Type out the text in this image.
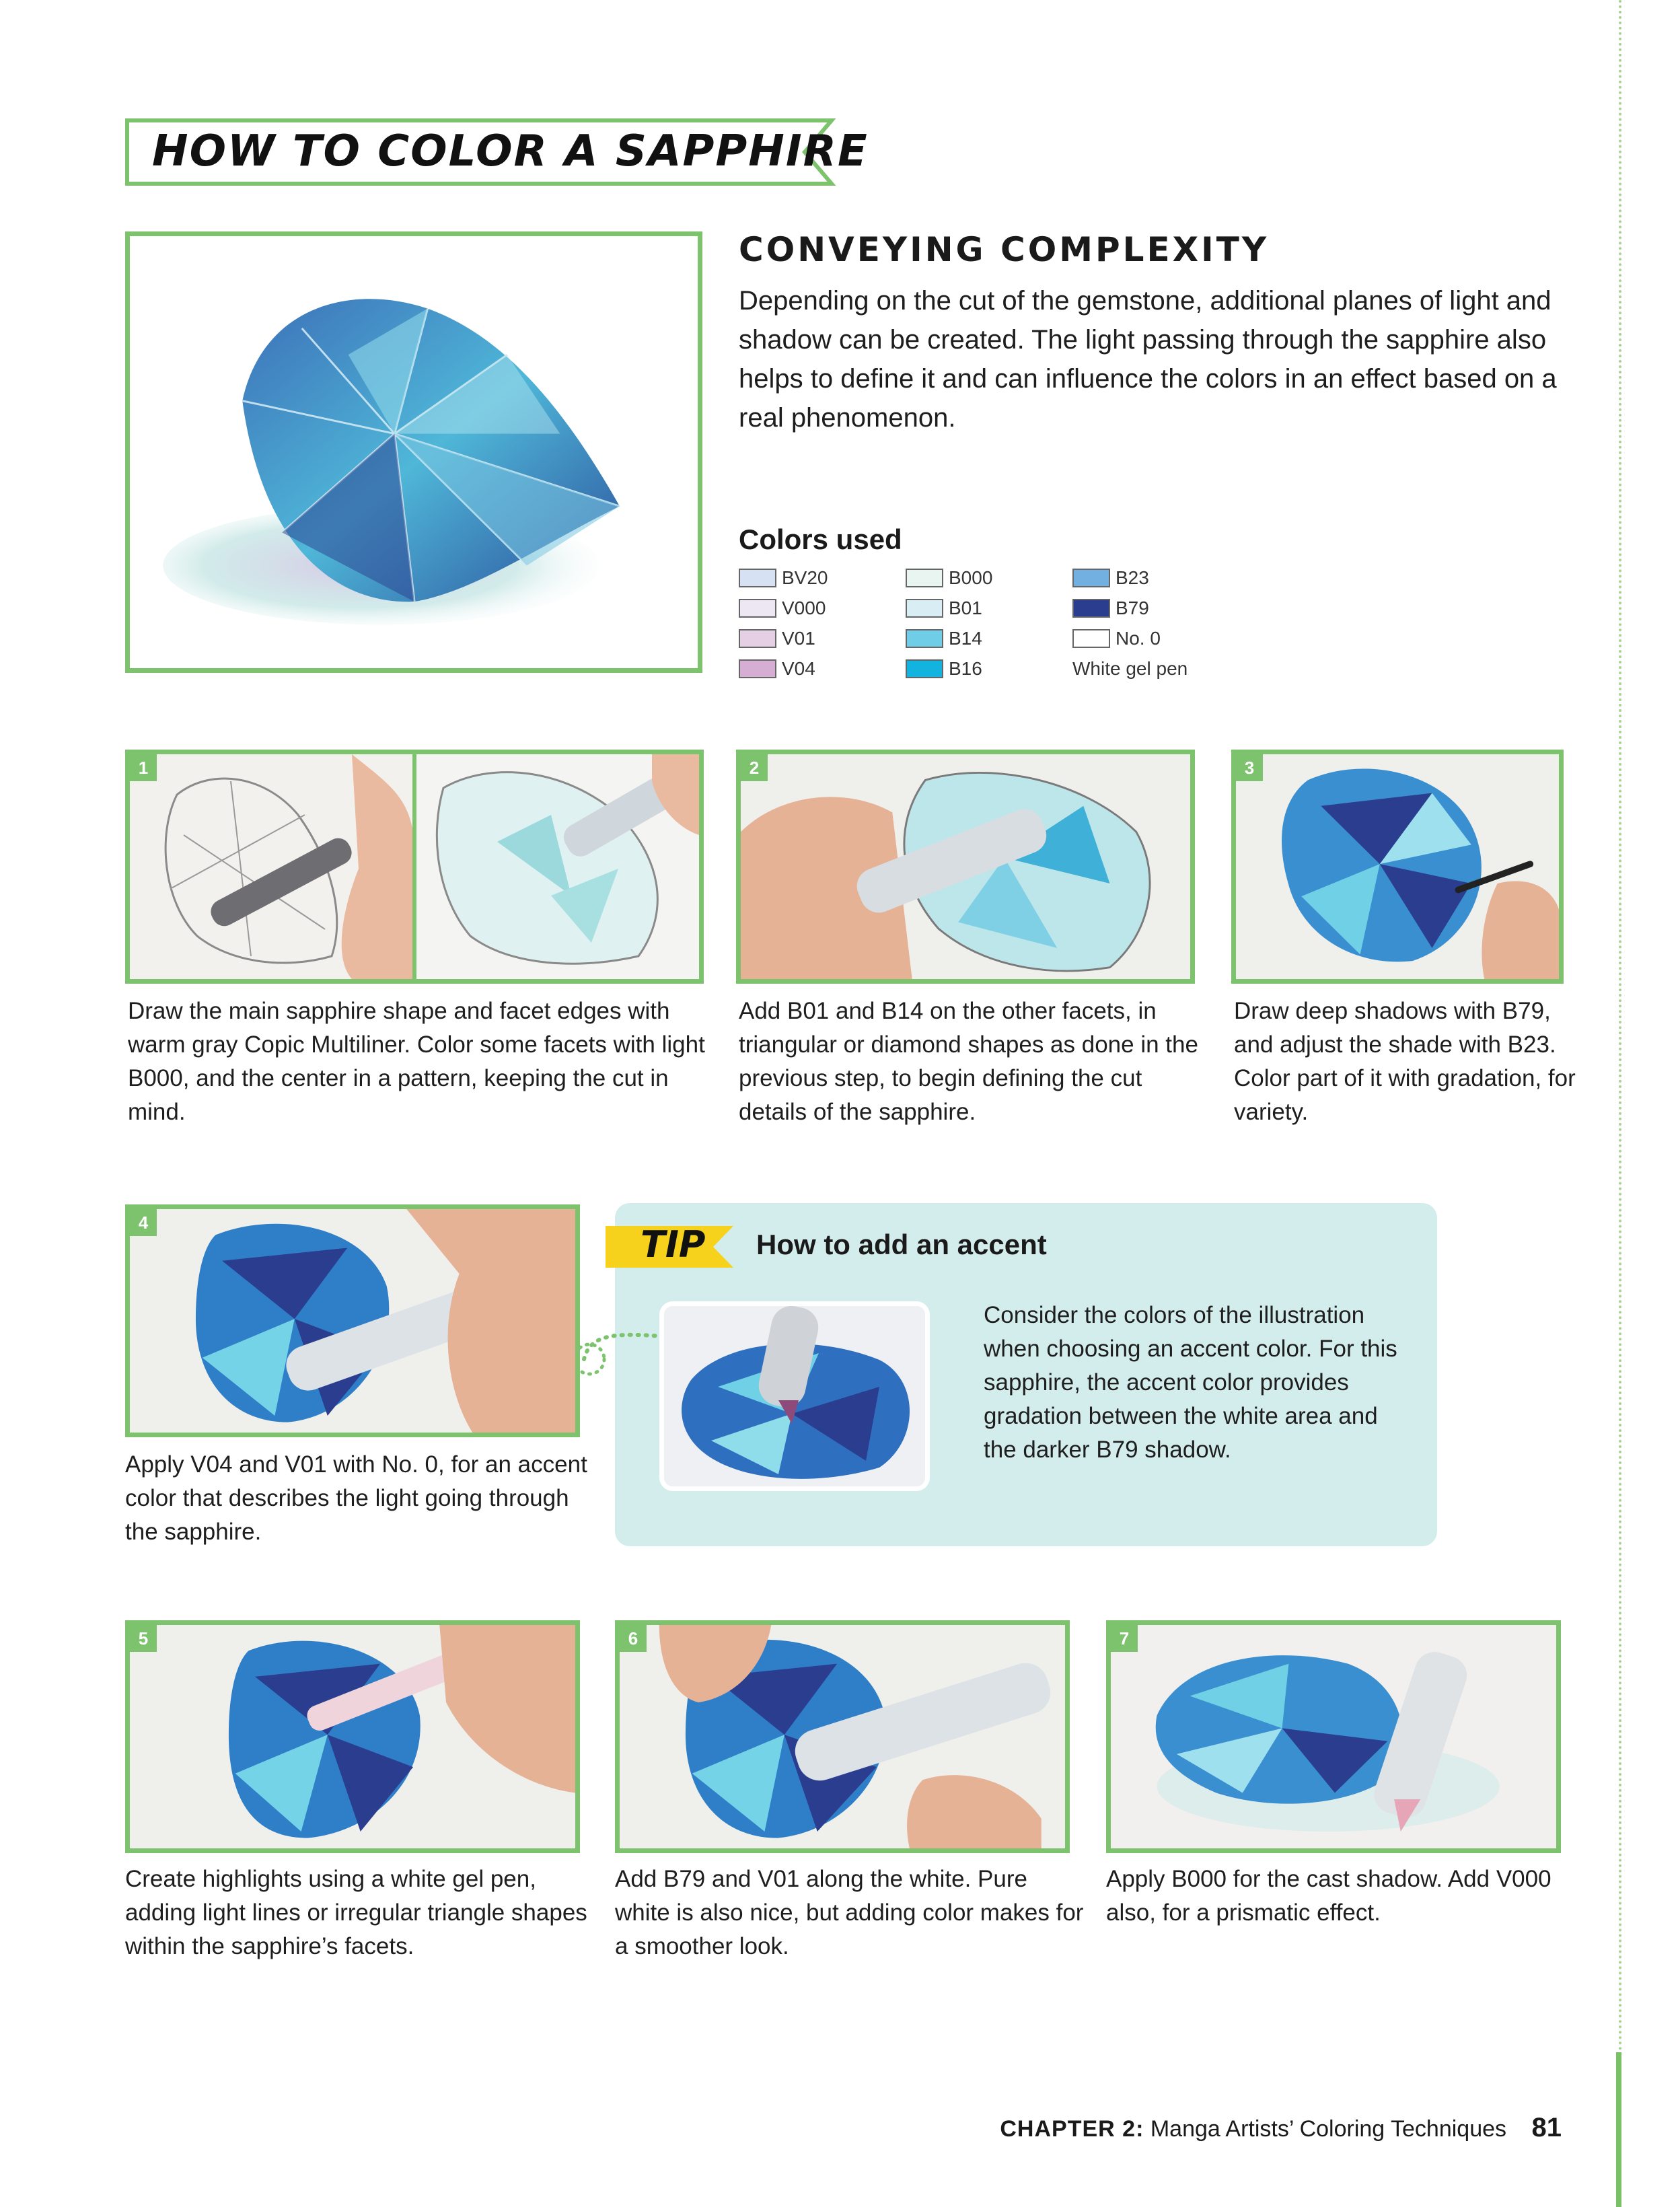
HOW TO COLOR A SAPPHIRE
CONVEYING COMPLEXITY
Depending on the cut of the gemstone, additional planes of light and shadow can be created. The light passing through the sapphire also helps to define it and can influence the colors in an effect based on a real phenomenon.
Colors used
BV20
V000
V01
V04
B000
B01
B14
B16
B23
B79
No. 0
White gel pen
1
Draw the main sapphire shape and facet edges with warm gray Copic Multiliner. Color some facets with light B000, and the center in a pattern, keeping the cut in mind.
2
Add B01 and B14 on the other facets, in triangular or diamond shapes as done in the previous step, to begin defining the cut details of the sapphire.
3
Draw deep shadows with B79, and adjust the shade with B23. Color part of it with gradation, for variety.
4
Apply V04 and V01 with No. 0, for an accent color that describes the light going through the sapphire.
TIP How to add an accent
Consider the colors of the illustration when choosing an accent color. For this sapphire, the accent color provides gradation between the white area and the darker B79 shadow.
5
Create highlights using a white gel pen, adding light lines or irregular triangle shapes within the sapphire’s facets.
6
Add B79 and V01 along the white. Pure white is also nice, but adding color makes for a smoother look.
7
Apply B000 for the cast shadow. Add V000 also, for a prismatic effect.
CHAPTER 2: Manga Artists’ Coloring Techniques 81
